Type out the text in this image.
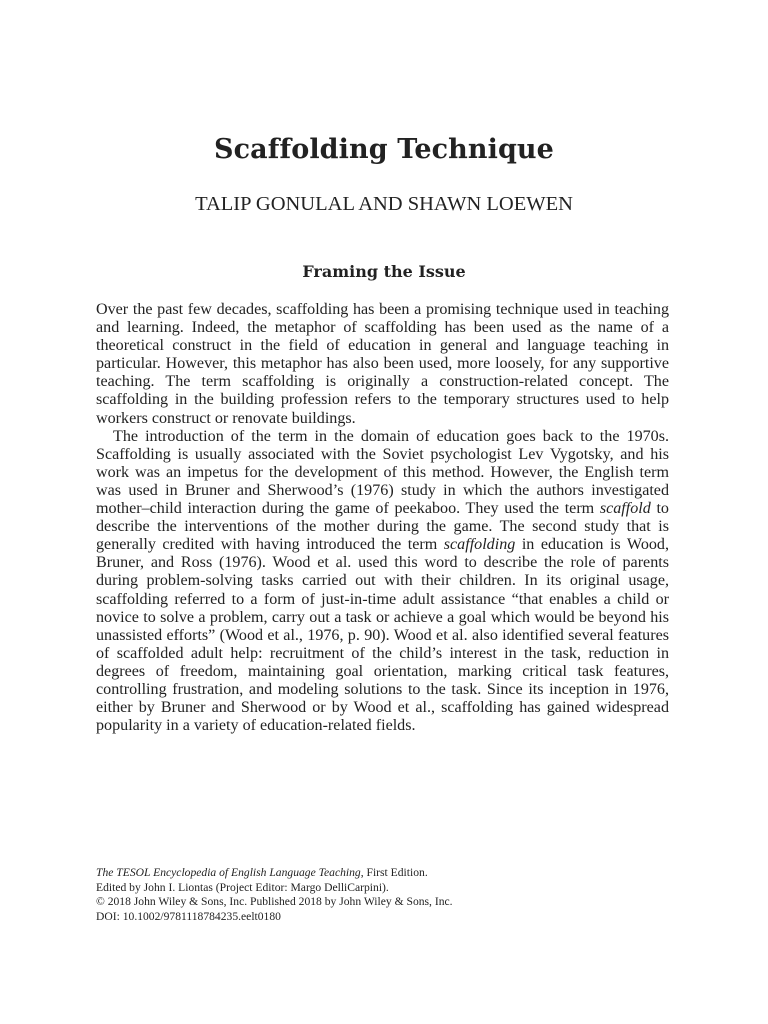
Scaffolding Technique
TALIP GONULAL AND SHAWN LOEWEN
Framing the Issue

Over the past few decades, scaffolding has been a promising technique used in teaching and learning. Indeed, the metaphor of scaffolding has been used as the name of a theoretical construct in the field of education in general and language teaching in particular. However, this metaphor has also been used, more loosely, for any supportive teaching. The term scaffolding is originally a construction-related concept. The scaffolding in the building profession refers to the temporary structures used to help workers construct or renovate buildings.

The introduction of the term in the domain of education goes back to the 1970s. Scaffolding is usually associated with the Soviet psychologist Lev Vygotsky, and his work was an impetus for the development of this method. However, the English term was used in Bruner and Sherwood’s (1976) study in which the authors investigated mother–child interaction during the game of peekaboo. They used the term scaffold to describe the interventions of the mother during the game. The second study that is generally credited with having introduced the term scaffolding in education is Wood, Bruner, and Ross (1976). Wood et al. used this word to describe the role of parents during problem-solving tasks carried out with their children. In its original usage, scaffolding referred to a form of just-in-time adult assistance “that enables a child or novice to solve a problem, carry out a task or achieve a goal which would be beyond his unassisted efforts” (Wood et al., 1976, p. 90). Wood et al. also identified several features of scaffolded adult help: recruitment of the child’s interest in the task, reduction in degrees of freedom, maintaining goal orientation, marking critical task features, controlling frustration, and modeling solutions to the task. Since its inception in 1976, either by Bruner and Sherwood or by Wood et al., scaffolding has gained widespread popularity in a variety of education-related fields.

The TESOL Encyclopedia of English Language Teaching, First Edition.
Edited by John I. Liontas (Project Editor: Margo DelliCarpini).
© 2018 John Wiley & Sons, Inc. Published 2018 by John Wiley & Sons, Inc.
DOI: 10.1002/9781118784235.eelt0180
